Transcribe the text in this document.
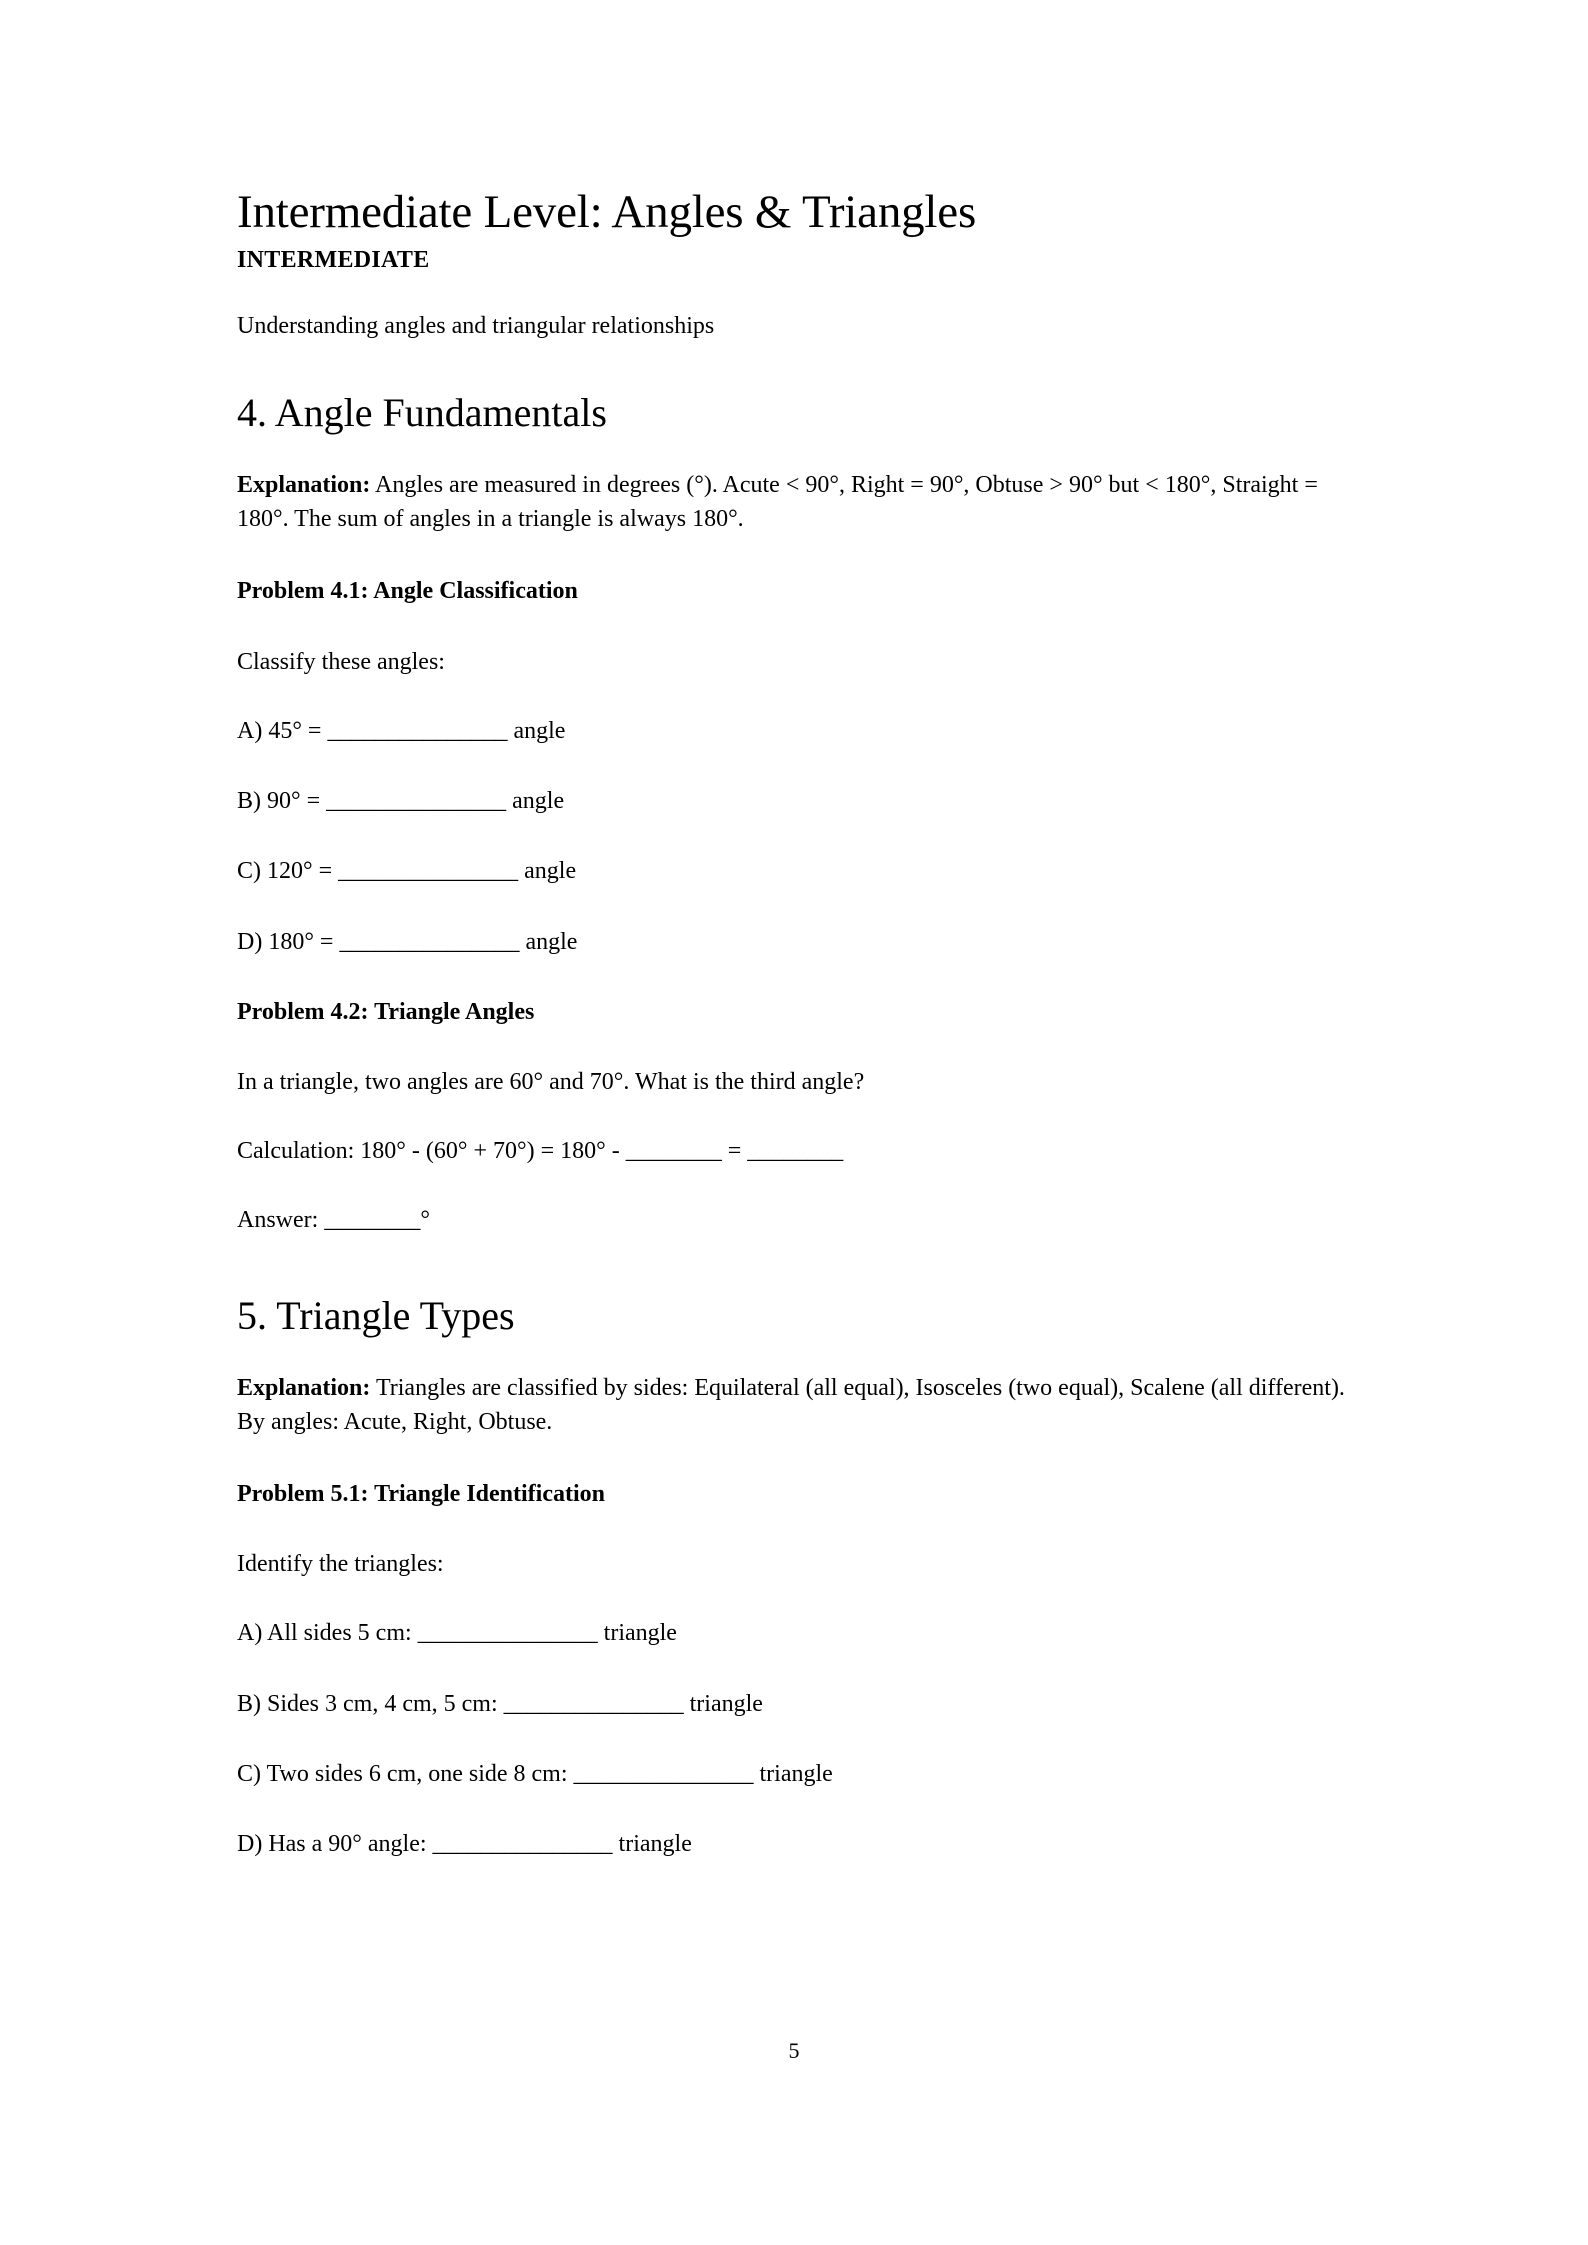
Intermediate Level: Angles & Triangles
INTERMEDIATE
Understanding angles and triangular relationships
4. Angle Fundamentals

Explanation: Angles are measured in degrees (°). Acute < 90°, Right = 90°, Obtuse > 90° but < 180°, Straight = 180°. The sum of angles in a triangle is always 180°.

Problem 4.1: Angle Classification

Classify these angles:

A) 45° = _______________ angle
B) 90° = _______________ angle
C) 120° = _______________ angle
D) 180° = _______________ angle
Problem 4.2: Triangle Angles

In a triangle, two angles are 60° and 70°. What is the third angle?

Calculation: 180° - (60° + 70°) = 180° - ________ = ________

Answer: ________°

5. Triangle Types

Explanation: Triangles are classified by sides: Equilateral (all equal), Isosceles (two equal), Scalene (all different). By angles: Acute, Right, Obtuse.

Problem 5.1: Triangle Identification

Identify the triangles:

A) All sides 5 cm: _______________ triangle
B) Sides 3 cm, 4 cm, 5 cm: _______________ triangle
C) Two sides 6 cm, one side 8 cm: _______________ triangle
D) Has a 90° angle: _______________ triangle
5
